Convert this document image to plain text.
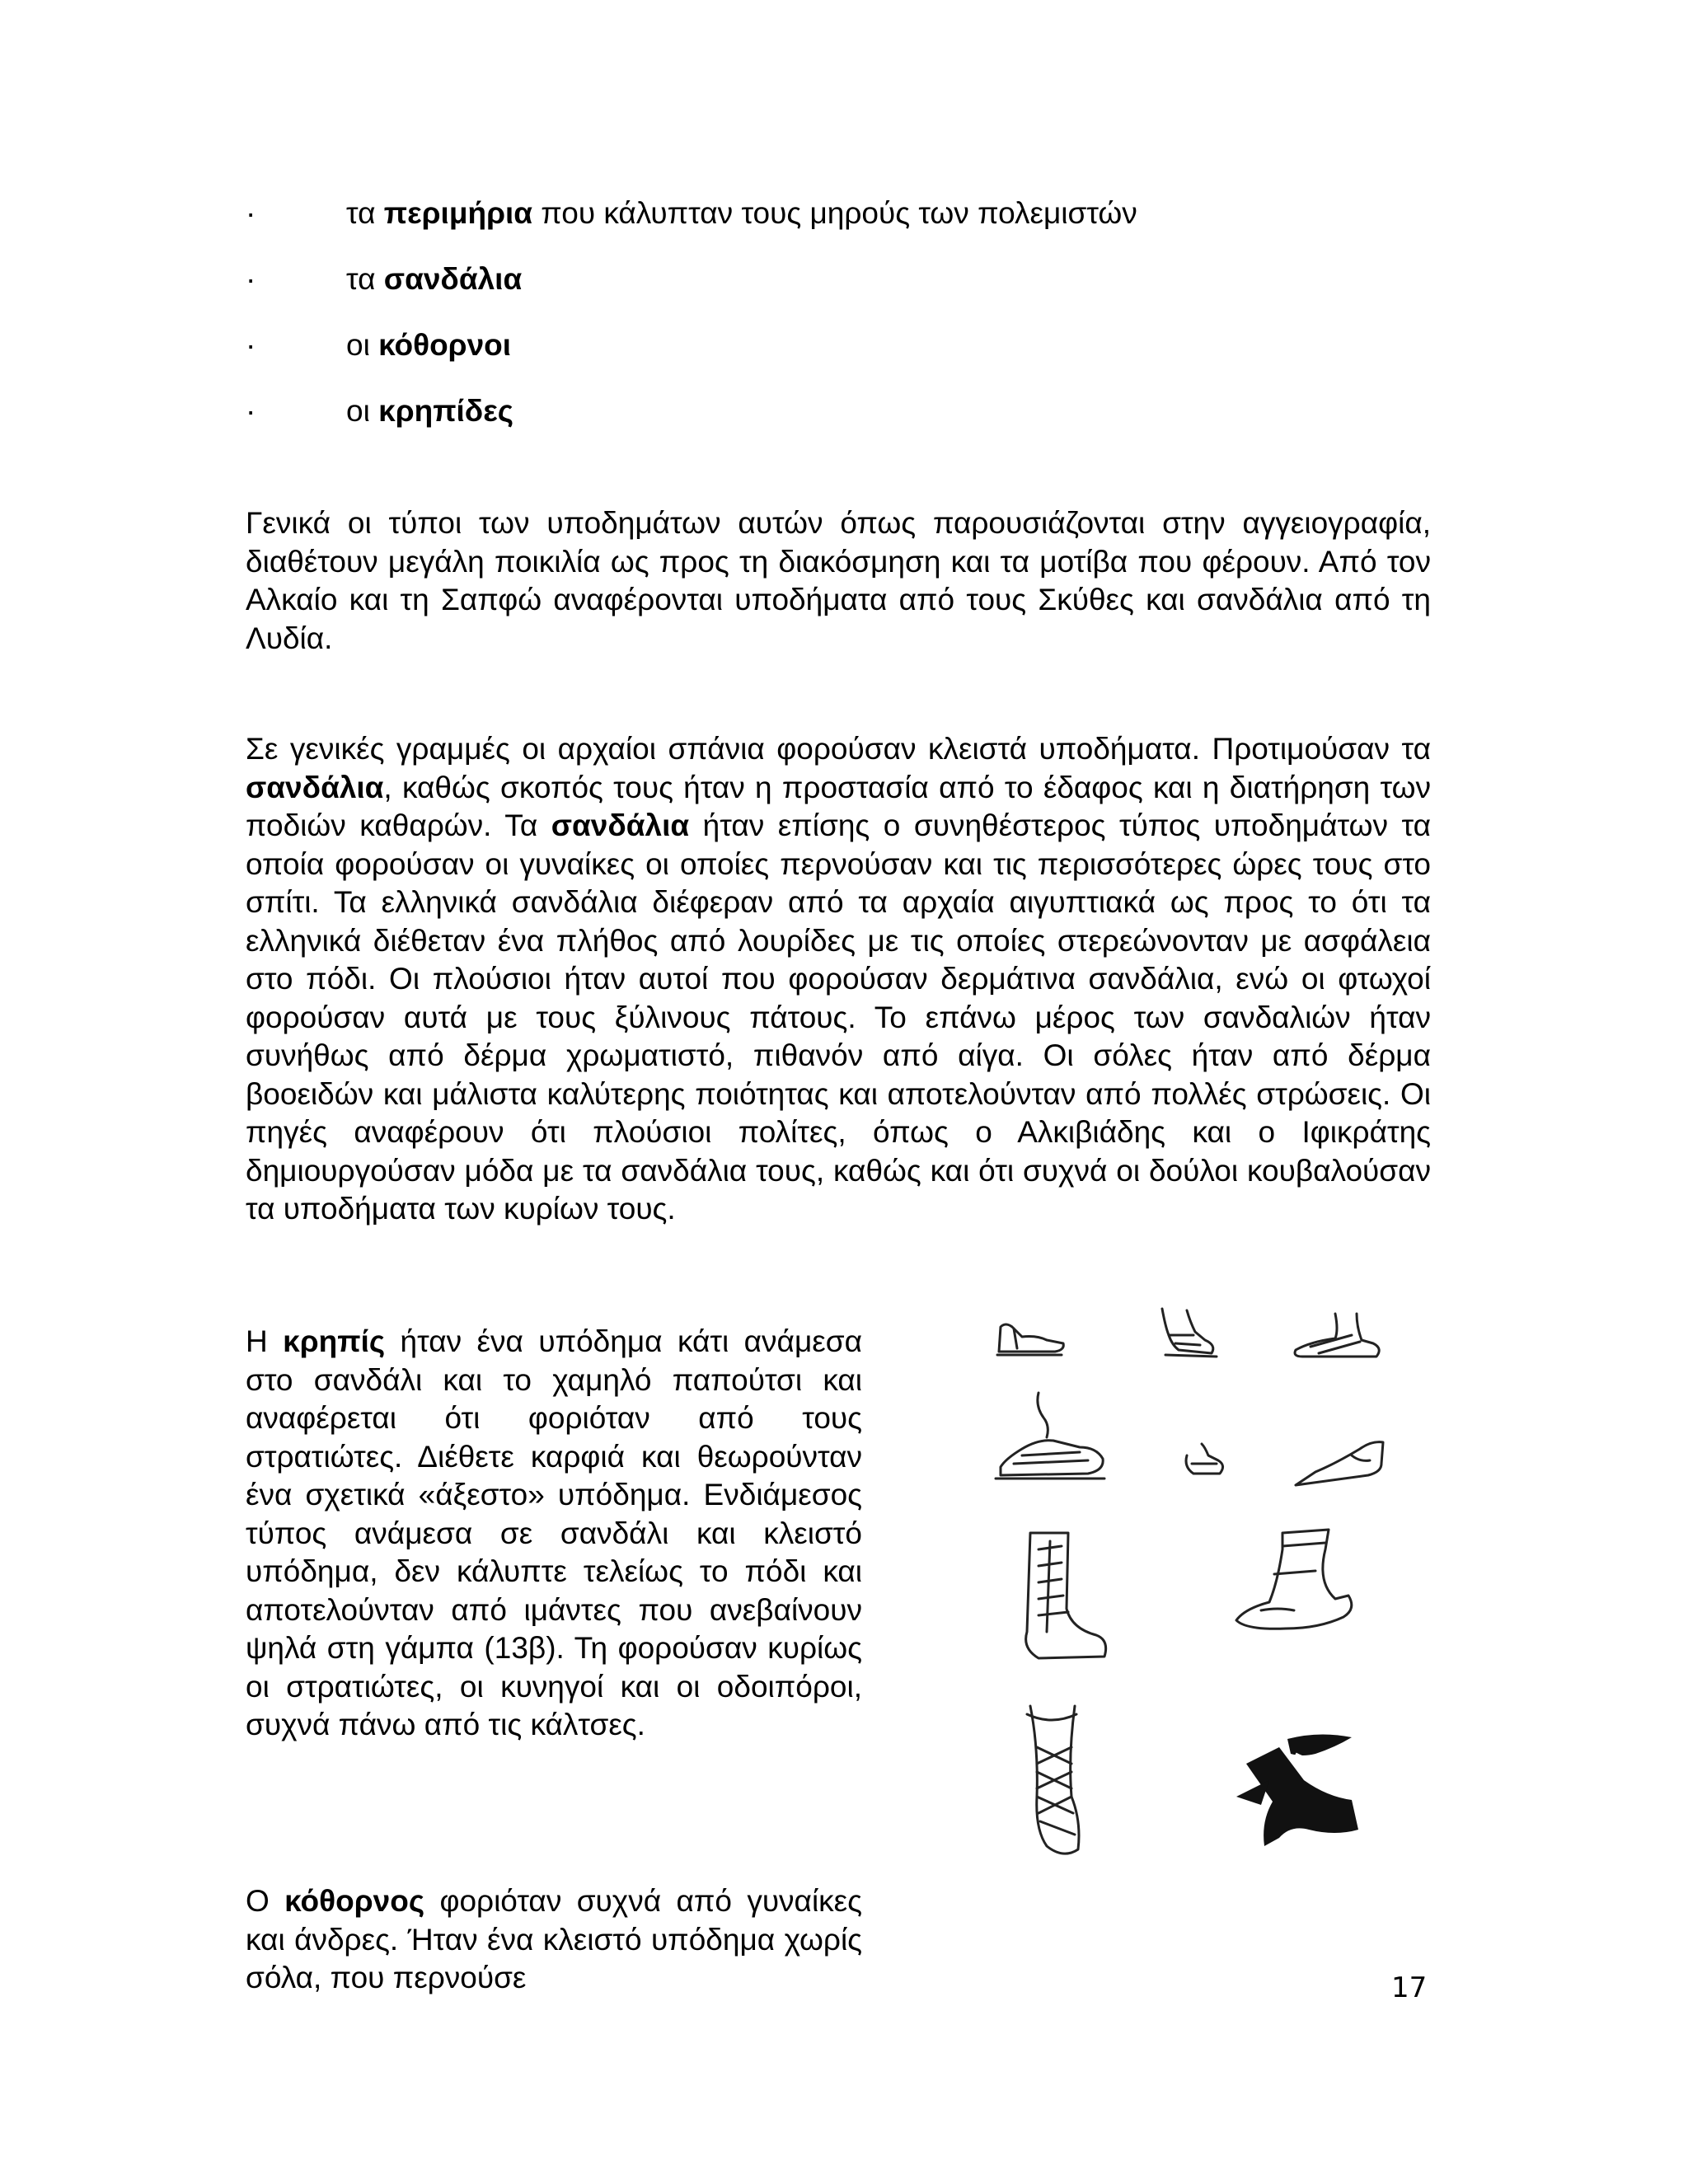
·	τα περιμήρια που κάλυπταν τους μηρούς των πολεμιστών
·	τα σανδάλια
·	οι κόθορνοι
·	οι κρηπίδες

Γενικά οι τύποι των υποδημάτων αυτών όπως παρουσιάζονται στην αγγειογραφία, διαθέτουν μεγάλη ποικιλία ως προς τη διακόσμηση και τα μοτίβα που φέρουν. Από τον Αλκαίο και τη Σαπφώ αναφέρονται υποδήματα από τους Σκύθες και σανδάλια από τη Λυδία.

Σε γενικές γραμμές οι αρχαίοι σπάνια φορούσαν κλειστά υποδήματα. Προτιμούσαν τα σανδάλια, καθώς σκοπός τους ήταν η προστασία από το έδαφος και η διατήρηση των ποδιών καθαρών. Τα σανδάλια ήταν επίσης ο συνηθέστερος τύπος υποδημάτων τα οποία φορούσαν οι γυναίκες οι οποίες περνούσαν και τις περισσότερες ώρες τους στο σπίτι. Τα ελληνικά σανδάλια διέφεραν από τα αρχαία αιγυπτιακά ως προς το ότι τα ελληνικά διέθεταν ένα πλήθος από λουρίδες με τις οποίες στερεώνονταν με ασφάλεια στο πόδι. Οι πλούσιοι ήταν αυτοί που φορούσαν δερμάτινα σανδάλια, ενώ οι φτωχοί φορούσαν αυτά με τους ξύλινους πάτους. Το επάνω μέρος των σανδαλιών ήταν συνήθως από δέρμα χρωματιστό, πιθανόν από αίγα. Οι σόλες ήταν από δέρμα βοοειδών και μάλιστα καλύτερης ποιότητας και αποτελούνταν από πολλές στρώσεις. Οι πηγές αναφέρουν ότι πλούσιοι πολίτες, όπως ο Αλκιβιάδης και ο Ιφικράτης δημιουργούσαν μόδα με τα σανδάλια τους, καθώς και ότι συχνά οι δούλοι κουβαλούσαν τα υποδήματα των κυρίων τους.

Η κρηπίς ήταν ένα υπόδημα κάτι ανάμεσα στο σανδάλι και το χαμηλό παπούτσι και αναφέρεται ότι φοριόταν από τους στρατιώτες. Διέθετε καρφιά και θεωρούνταν ένα σχετικά «άξεστο» υπόδημα. Ενδιάμεσος τύπος ανάμεσα σε σανδάλι και κλειστό υπόδημα, δεν κάλυπτε τελείως το πόδι και αποτελούνταν από ιμάντες που ανεβαίνουν ψηλά στη γάμπα (13β). Τη φορούσαν κυρίως οι στρατιώτες, οι κυνηγοί και οι οδοιπόροι, συχνά πάνω από τις κάλτσες.

Ο κόθορνος φοριόταν συχνά από γυναίκες και άνδρες. Ήταν ένα κλειστό υπόδημα χωρίς σόλα, που περνούσε	17
